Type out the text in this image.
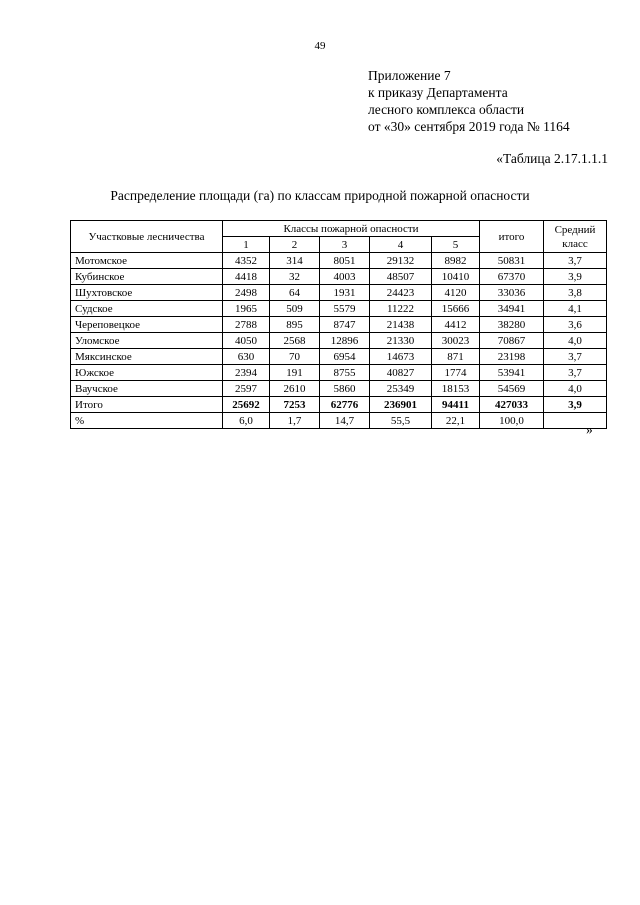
49
Приложение 7
к приказу Департамента
лесного комплекса области
от «30» сентября 2019 года № 1164
«Таблица 2.17.1.1.1
Распределение площади (га) по классам природной пожарной опасности
Участковые лесничества	Классы пожарной опасности					итого	Средний класс
	1	2	3	4	5		
Мотомское	4352	314	8051	29132	8982	50831	3,7
Кубинское	4418	32	4003	48507	10410	67370	3,9
Шухтовское	2498	64	1931	24423	4120	33036	3,8
Судское	1965	509	5579	11222	15666	34941	4,1
Череповецкое	2788	895	8747	21438	4412	38280	3,6
Уломское	4050	2568	12896	21330	30023	70867	4,0
Мяксинское	630	70	6954	14673	871	23198	3,7
Южское	2394	191	8755	40827	1774	53941	3,7
Ваучское	2597	2610	5860	25349	18153	54569	4,0
Итого	25692	7253	62776	236901	94411	427033	3,9
%	6,0	1,7	14,7	55,5	22,1	100,0	
»
